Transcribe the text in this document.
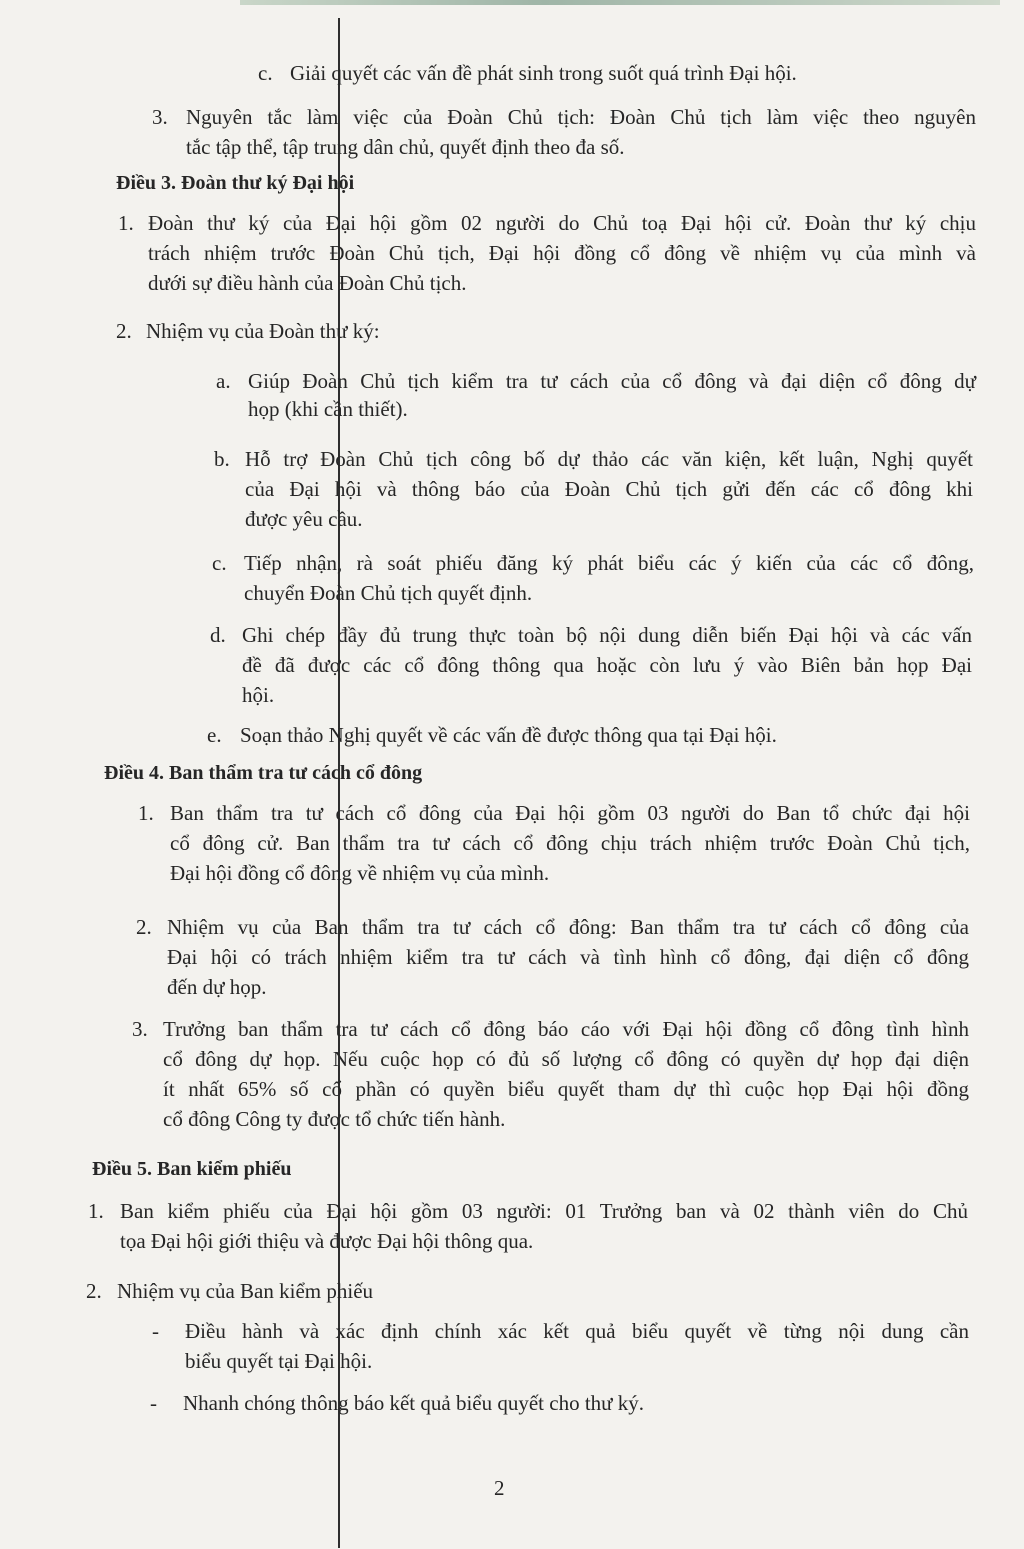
c. Giải quyết các vấn đề phát sinh trong suốt quá trình Đại hội.
3. Nguyên tắc làm việc của Đoàn Chủ tịch: Đoàn Chủ tịch làm việc theo nguyên
tắc tập thể, tập trung dân chủ, quyết định theo đa số.
Điều 3. Đoàn thư ký Đại hội
1. Đoàn thư ký của Đại hội gồm 02 người do Chủ toạ Đại hội cử. Đoàn thư ký chịu
trách nhiệm trước Đoàn Chủ tịch, Đại hội đồng cổ đông về nhiệm vụ của mình và
dưới sự điều hành của Đoàn Chủ tịch.
2. Nhiệm vụ của Đoàn thư ký:
a. Giúp Đoàn Chủ tịch kiểm tra tư cách của cổ đông và đại diện cổ đông dự
họp (khi cần thiết).
b. Hỗ trợ Đoàn Chủ tịch công bố dự thảo các văn kiện, kết luận, Nghị quyết
của Đại hội và thông báo của Đoàn Chủ tịch gửi đến các cổ đông khi
được yêu cầu.
c. Tiếp nhận, rà soát phiếu đăng ký phát biểu các ý kiến của các cổ đông,
chuyển Đoàn Chủ tịch quyết định.
d. Ghi chép đầy đủ trung thực toàn bộ nội dung diễn biến Đại hội và các vấn
đề đã được các cổ đông thông qua hoặc còn lưu ý vào Biên bản họp Đại
hội.
e. Soạn thảo Nghị quyết về các vấn đề được thông qua tại Đại hội.
Điều 4. Ban thẩm tra tư cách cổ đông
1. Ban thẩm tra tư cách cổ đông của Đại hội gồm 03 người do Ban tổ chức đại hội
cổ đông cử. Ban thẩm tra tư cách cổ đông chịu trách nhiệm trước Đoàn Chủ tịch,
Đại hội đồng cổ đông về nhiệm vụ của mình.
2. Nhiệm vụ của Ban thẩm tra tư cách cổ đông: Ban thẩm tra tư cách cổ đông của
Đại hội có trách nhiệm kiểm tra tư cách và tình hình cổ đông, đại diện cổ đông
đến dự họp.
3. Trưởng ban thẩm tra tư cách cổ đông báo cáo với Đại hội đồng cổ đông tình hình
cổ đông dự họp. Nếu cuộc họp có đủ số lượng cổ đông có quyền dự họp đại diện
ít nhất 65% số cổ phần có quyền biểu quyết tham dự thì cuộc họp Đại hội đồng
cổ đông Công ty được tổ chức tiến hành.
Điều 5. Ban kiểm phiếu
1. Ban kiểm phiếu của Đại hội gồm 03 người: 01 Trưởng ban và 02 thành viên do Chủ
tọa Đại hội giới thiệu và được Đại hội thông qua.
2. Nhiệm vụ của Ban kiểm phiếu
- Điều hành và xác định chính xác kết quả biểu quyết về từng nội dung cần
biểu quyết tại Đại hội.
- Nhanh chóng thông báo kết quả biểu quyết cho thư ký.
2
